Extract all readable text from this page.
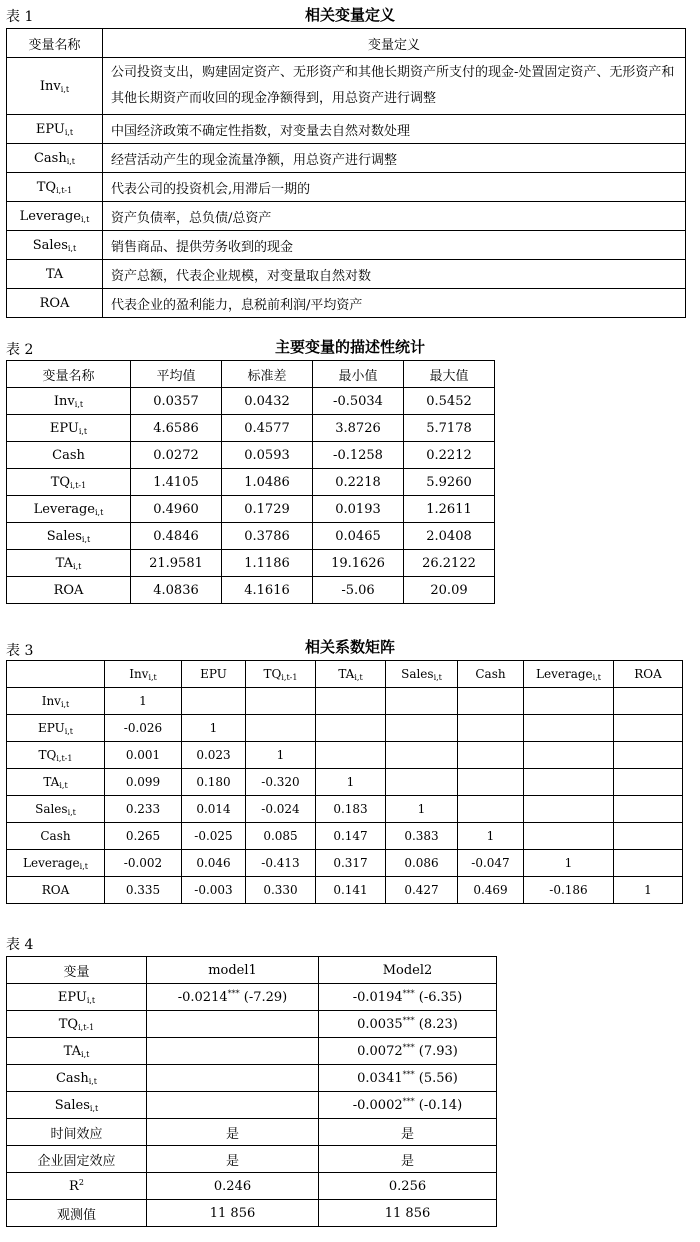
表 1	相关变量定义
变量名称	变量定义
Inv$_{i,t}$	公司投资支出，购建固定资产、无形资产和其他长期资产所支付的现金-处置固定资产、无形资产和其他长期资产而收回的现金净额得到，用总资产进行调整
$EPU_{i,t}$	中国经济政策不确定性指数，对变量去自然对数处理
Cash$_{i,t}$	经营活动产生的现金流量净额，用总资产进行调整
$TQ_{i,t-1}$	代表公司的投资机会,用滞后一期的
Leverage$_{i,t}$	资产负债率，总负债/总资产
Sales$_{i,t}$	销售商品、提供劳务收到的现金
TA	资产总额，代表企业规模，对变量取自然对数
ROA	代表企业的盈利能力，息税前利润/平均资产
表 2	主要变量的描述性统计
变量名称	平均值	标准差	最小值	最大值
Inv$_{i,t}$	0.0357	0.0432	-0.5034	0.5452
$EPU_{i,t}$	4.6586	0.4577	3.8726	5.7178
Cash	0.0272	0.0593	-0.1258	0.2212
$TQ_{i,t-1}$	1.4105	1.0486	0.2218	5.9260
Leverage$_{i,t}$	0.4960	0.1729	0.0193	1.2611
Sales$_{i,t}$	0.4846	0.3786	0.0465	2.0408
$TA_{i,t}$	21.9581	1.1186	19.1626	26.2122
ROA	4.0836	4.1616	-5.06	20.09
表 3	相关系数矩阵
	Inv$_{i,t}$	EPU	$TQ_{i,t-1}$	$TA_{i,t}$	Sales$_{i,t}$	Cash	Leverage$_{i,t}$	ROA
Inv$_{i,t}$	1							
$EPU_{i,t}$	-0.026	1						
$TQ_{i,t-1}$	0.001	0.023	1					
$TA_{i,t}$	0.099	0.180	-0.320	1				
Sales$_{i,t}$	0.233	0.014	-0.024	0.183	1			
Cash	0.265	-0.025	0.085	0.147	0.383	1		
Leverage$_{i,t}$	-0.002	0.046	-0.413	0.317	0.086	-0.047	1	
ROA	0.335	-0.003	0.330	0.141	0.427	0.469	-0.186	1
表 4
变量	model1	Model2
$EPU_{i,t}$	-0.0214*** (-7.29)	-0.0194*** (-6.35)
$TQ_{i,t-1}$		0.0035*** (8.23)
$TA_{i,t}$		0.0072*** (7.93)
Cash$_{i,t}$		0.0341*** (5.56)
Sales$_{i,t}$		-0.0002*** (-0.14)
时间效应	是	是
企业固定效应	是	是
$R^2$	0.246	0.256
观测值	11 856	11 856
